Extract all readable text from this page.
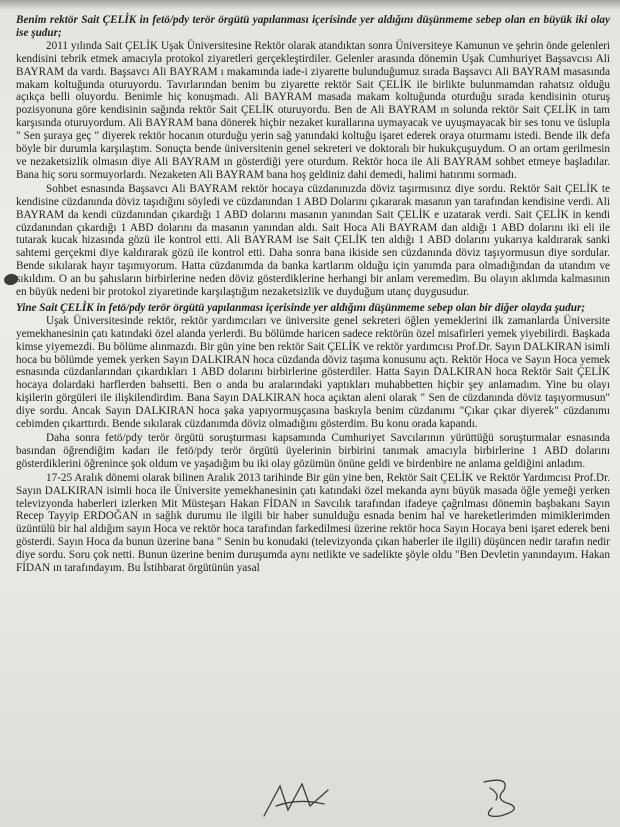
Benim rektör Sait ÇELİK in fetö/pdy terör örgütü yapılanması içerisinde yer aldığını düşünmeme sebep olan en büyük iki olay ise şudur;

2011 yılında Sait ÇELİK Uşak Üniversitesine Rektör olarak atandıktan sonra Üniversiteye Kamunun ve şehrin önde gelenleri kendisini tebrik etmek amacıyla protokol ziyaretleri gerçekleştirdiler. Gelenler arasında dönemin Uşak Cumhuriyet Başsavcısı Ali BAYRAM da vardı. Başsavcı Ali BAYRAM ı makamında iade-i ziyarette bulunduğumuz sırada Başsavcı Ali BAYRAM masasında makam koltuğunda oturuyordu. Tavırlarından benim bu ziyarette rektör Sait ÇELİK ile birlikte bulunmamdan rahatsız olduğu açıkça belli oluyordu. Benimle hiç konuşmadı. Ali BAYRAM masada makam koltuğunda oturduğu sırada kendisinin oturuş pozisyonuna göre kendisinin sağında rektör Sait ÇELİK oturuyordu. Ben de Ali BAYRAM ın solunda rektör Sait ÇELİK in tam karşısında oturuyordum. Ali BAYRAM bana dönerek hiçbir nezaket kurallarına uymayacak ve uyuşmayacak bir ses tonu ve üslupla " Sen şuraya geç " diyerek rektör hocanın oturduğu yerin sağ yanındaki koltuğu işaret ederek oraya oturmamı istedi. Bende ilk defa böyle bir durumla karşılaştım. Sonuçta bende üniversitenin genel sekreteri ve doktoralı bir hukukçuşuydum. O an ortam gerilmesin ve nezaketsizlik olmasın diye Ali BAYRAM ın gösterdiği yere oturdum. Rektör hoca ile Ali BAYRAM sohbet etmeye başladılar. Bana hiç soru sormuyorlardı. Nezaketen Ali BAYRAM bana hoş geldiniz dahi demedi, halimi hatırımı sormadı.

Sohbet esnasında Başsavcı Ali BAYRAM rektör hocaya cüzdanınızda döviz taşırmısınız diye sordu. Rektör Sait ÇELİK te kendisine cüzdanında döviz taşıdığını söyledi ve cüzdanından 1 ABD Dolarını çıkararak masanın yan tarafından kendisine verdi. Ali BAYRAM da kendi cüzdanından çıkardığı 1 ABD dolarını masanın yanından Sait ÇELİK e uzatarak verdi. Sait ÇELİK in kendi cüzdanından çıkardığı 1 ABD dolarını da masanın yanından aldı. Sait Hoca Ali BAYRAM dan aldığı 1 ABD dolarını iki eli ile tutarak kucak hizasında gözü ile kontrol etti. Ali BAYRAM ise Sait ÇELİK ten aldığı 1 ABD dolarını yukarıya kaldırarak sanki sahtemi gerçekmi diye kaldırarak gözü ile kontrol etti. Daha sonra bana ikiside sen cüzdanında döviz taşıyormusun diye sordular. Bende sıkılarak hayır taşımıyorum. Hatta cüzdanımda da banka kartlarım olduğu için yanımda para olmadığından da utandım ve sıkıldım. O an bu şahısların birbirlerine neden döviz gösterdiklerine herhangi bir anlam veremedim. Bu olayın aklımda kalmasının en büyük nedeni bir protokol ziyaretinde karşılaştığım nezaketsizlik ve duyduğum utanç duygusudur.

Yine Sait ÇELİK in fetö/pdy terör örgütü yapılanması içerisinde yer aldığını düşünmeme sebep olan bir diğer olayda şudur;

Uşak Üniversitesinde rektör, rektör yardımcıları ve üniversite genel sekreteri öğlen yemeklerini ilk zamanlarda Üniversite yemekhanesinin çatı katındaki özel alanda yerlerdi. Bu bölümde haricen sadece rektörün özel misafirleri yemek yiyebilirdi. Başkada kimse yiyemezdi. Bu bölüme alınmazdı. Bir gün yine ben rektör Sait ÇELİK ve rektör yardımcısı Prof.Dr. Sayın DALKIRAN isimli hoca bu bölümde yemek yerken Sayın DALKIRAN hoca cüzdanda döviz taşıma konusunu açtı. Rektör Hoca ve Sayın Hoca yemek esnasında cüzdanlarından çıkardıkları 1 ABD dolarını birbirlerine gösterdiler. Hatta Sayın DALKIRAN hoca Rektör Sait ÇELİK hocaya dolardaki harflerden bahsetti. Ben o anda bu aralarındaki yaptıkları muhabbetten hiçbir şey anlamadım. Yine bu olayı kişilerin görgüleri ile ilişkilendirdim. Bana Sayın DALKIRAN hoca açıktan aleni olarak " Sen de cüzdanında döviz taşıyormusun" diye sordu. Ancak Sayın DALKIRAN hoca şaka yapıyormuşçasına baskıyla benim cüzdanımı "Çıkar çıkar diyerek" cüzdanımı cebimden çıkarttırdı. Bende sıkılarak cüzdanımda döviz olmadığını gösterdim. Bu konu orada kapandı.

Daha sonra fetö/pdy terör örgütü soruşturması kapsamında Cumhuriyet Savcılarının yürüttüğü soruşturmalar esnasında basından öğrendiğim kadarı ile fetö/pdy terör örgütü üyelerinin birbirini tanımak amacıyla birbirlerine 1 ABD dolarını gösterdiklerini öğrenince şok oldum ve yaşadığım bu iki olay gözümün önüne geldi ve birdenbire ne anlama geldiğini anladım.

17-25 Aralık dönemi olarak bilinen Aralık 2013 tarihinde Bir gün yine ben, Rektör Sait ÇELİK ve Rektör Yardımcısı Prof.Dr. Sayın DALKIRAN isimli hoca ile Üniversite yemekhanesinin çatı katındaki özel mekanda aynı büyük masada öğle yemeği yerken televizyonda haberleri izlerken Mit Müsteşarı Hakan FİDAN ın Savcılık tarafından ifadeye çağrılması dönemin başbakanı Sayın Recep Tayyip ERDOĞAN ın sağlık durumu ile ilgili bir haber sunulduğu esnada benim hal ve hareketlerimden mimiklerimden üzüntülü bir hal aldığım sayın Hoca ve rektör hoca tarafından farkedilmesi üzerine rektör hoca Sayın Hocaya beni işaret ederek beni gösterdi. Sayın Hoca da bunun üzerine bana " Senin bu konudaki (televizyonda çıkan haberler ile ilgili) düşüncen nedir tarafın nedir diye sordu. Soru çok netti. Bunun üzerine benim duruşumda aynı netlikte ve sadelikte şöyle oldu "Ben Devletin yanındayım. Hakan FİDAN ın tarafındayım. Bu İstihbarat örgütünün yasal
